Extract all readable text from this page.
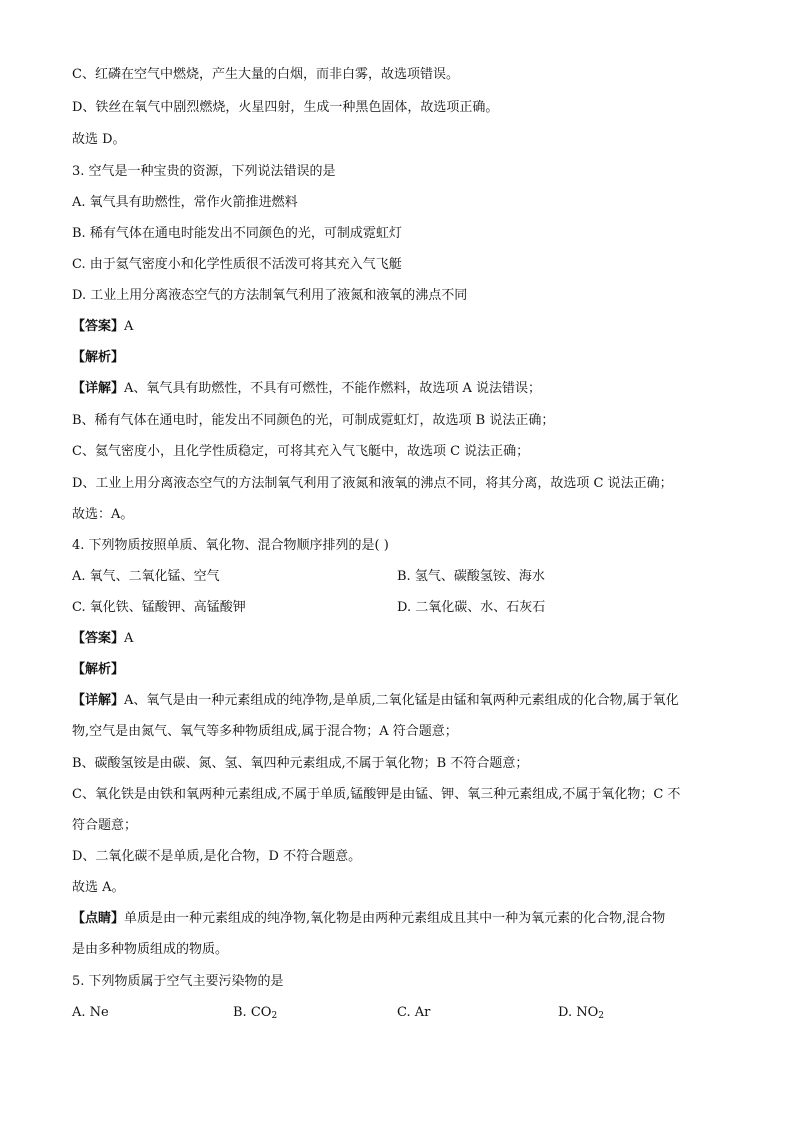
C、红磷在空气中燃烧，产生大量的白烟，而非白雾，故选项错误。
D、铁丝在氧气中剧烈燃烧，火星四射，生成一种黑色固体，故选项正确。
故选 D。
3. 空气是一种宝贵的资源，下列说法错误的是
A. 氧气具有助燃性，常作火箭推进燃料
B. 稀有气体在通电时能发出不同颜色的光，可制成霓虹灯
C. 由于氦气密度小和化学性质很不活泼可将其充入气飞艇
D. 工业上用分离液态空气的方法制氧气利用了液氮和液氧的沸点不同
【答案】A
【解析】
【详解】A、氧气具有助燃性，不具有可燃性，不能作燃料，故选项 A 说法错误；
B、稀有气体在通电时，能发出不同颜色的光，可制成霓虹灯，故选项 B 说法正确；
C、氦气密度小，且化学性质稳定，可将其充入气飞艇中，故选项 C 说法正确；
D、工业上用分离液态空气的方法制氧气利用了液氮和液氧的沸点不同，将其分离，故选项 C 说法正确；
故选：A。
4. 下列物质按照单质、氧化物、混合物顺序排列的是( )
A. 氧气、二氧化锰、空气	B. 氢气、碳酸氢铵、海水
C. 氧化铁、锰酸钾、高锰酸钾	D. 二氧化碳、水、石灰石
【答案】A
【解析】
【详解】A、氧气是由一种元素组成的纯净物,是单质,二氧化锰是由锰和氧两种元素组成的化合物,属于氧化
物,空气是由氮气、氧气等多种物质组成,属于混合物；A 符合题意；
B、碳酸氢铵是由碳、氮、氢、氧四种元素组成,不属于氧化物；B 不符合题意；
C、氧化铁是由铁和氧两种元素组成,不属于单质,锰酸钾是由锰、钾、氧三种元素组成,不属于氧化物；C 不
符合题意；
D、二氧化碳不是单质,是化合物，D 不符合题意。
故选 A。
【点睛】单质是由一种元素组成的纯净物,氧化物是由两种元素组成且其中一种为氧元素的化合物,混合物
是由多种物质组成的物质。
5. 下列物质属于空气主要污染物的是
A. Ne	B. $CO_2$	C. Ar	D. $NO_2$
